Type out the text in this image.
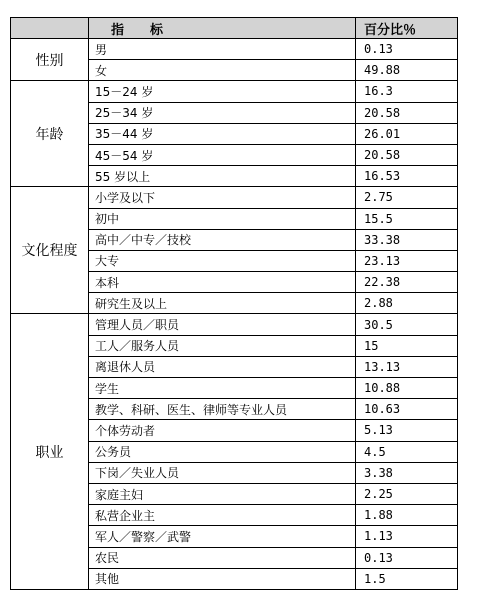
	指　　标	百分比％
性别	男	0.13
	女	49.88
年龄	15－24 岁	16.3
	25－34 岁	20.58
	35－44 岁	26.01
	45－54 岁	20.58
	55 岁以上	16.53
文化程度	小学及以下	2.75
	初中	15.5
	高中／中专／技校	33.38
	大专	23.13
	本科	22.38
	研究生及以上	2.88
职业	管理人员／职员	30.5
	工人／服务人员	15
	离退休人员	13.13
	学生	10.88
	教学、科研、医生、律师等专业人员	10.63
	个体劳动者	5.13
	公务员	4.5
	下岗／失业人员	3.38
	家庭主妇	2.25
	私营企业主	1.88
	军人／警察／武警	1.13
	农民	0.13
	其他	1.5
